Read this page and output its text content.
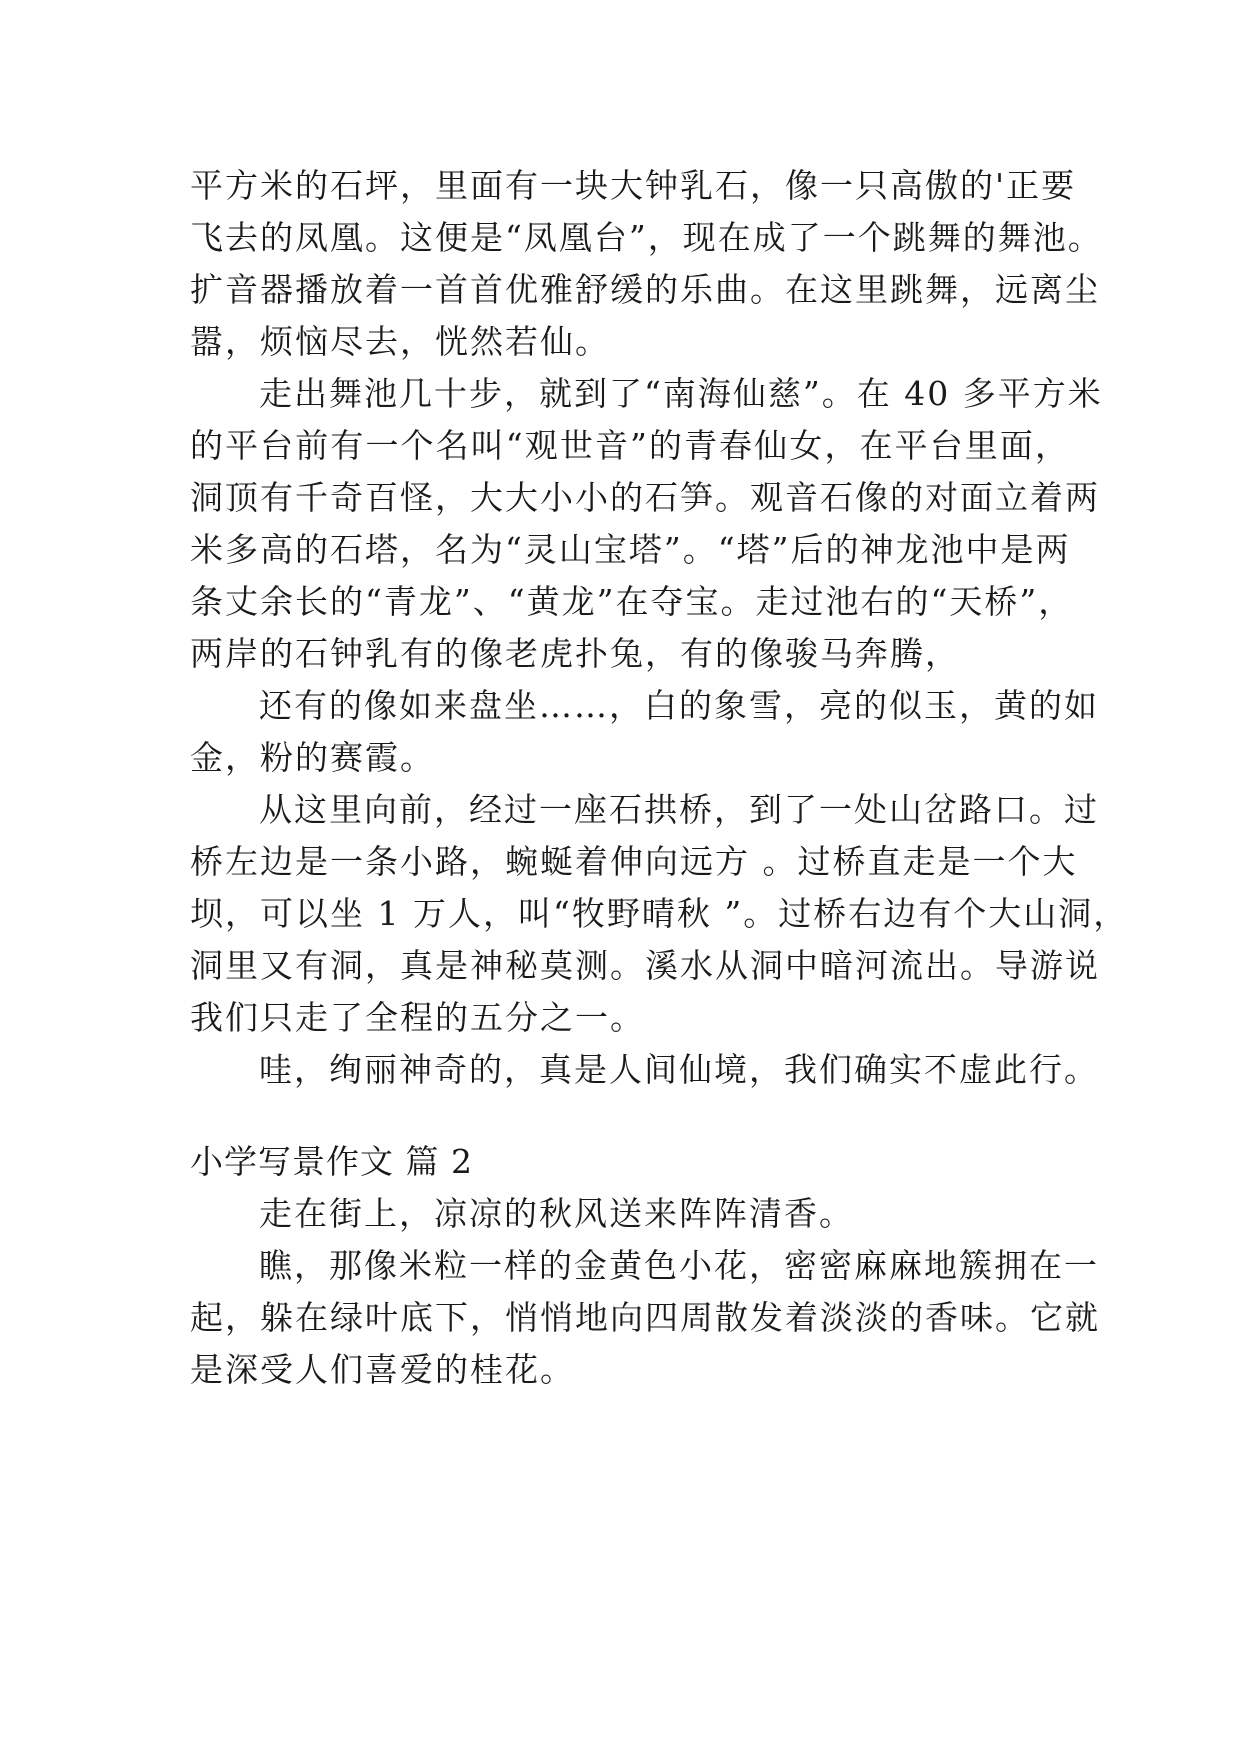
平方米的石坪，里面有一块大钟乳石，像一只高傲的'正要
飞去的凤凰。这便是“凤凰台”，现在成了一个跳舞的舞池。
扩音器播放着一首首优雅舒缓的乐曲。在这里跳舞，远离尘
嚣，烦恼尽去，恍然若仙。
走出舞池几十步，就到了“南海仙慈”。在 40 多平方米
的平台前有一个名叫“观世音”的青春仙女，在平台里面，
洞顶有千奇百怪，大大小小的石笋。观音石像的对面立着两
米多高的石塔，名为“灵山宝塔”。“塔”后的神龙池中是两
条丈余长的“青龙”、“黄龙”在夺宝。走过池右的“天桥”，
两岸的石钟乳有的像老虎扑兔，有的像骏马奔腾，
还有的像如来盘坐……，白的象雪，亮的似玉，黄的如
金，粉的赛霞。
从这里向前，经过一座石拱桥，到了一处山岔路口。过
桥左边是一条小路，蜿蜒着伸向远方 。过桥直走是一个大
坝，可以坐 1 万人，叫“牧野晴秋 ”。过桥右边有个大山洞，
洞里又有洞，真是神秘莫测。溪水从洞中暗河流出。导游说
我们只走了全程的五分之一。
哇，绚丽神奇的，真是人间仙境，我们确实不虚此行。
小学写景作文 篇 2
走在街上，凉凉的秋风送来阵阵清香。
瞧，那像米粒一样的金黄色小花，密密麻麻地簇拥在一
起，躲在绿叶底下，悄悄地向四周散发着淡淡的香味。它就
是深受人们喜爱的桂花。
